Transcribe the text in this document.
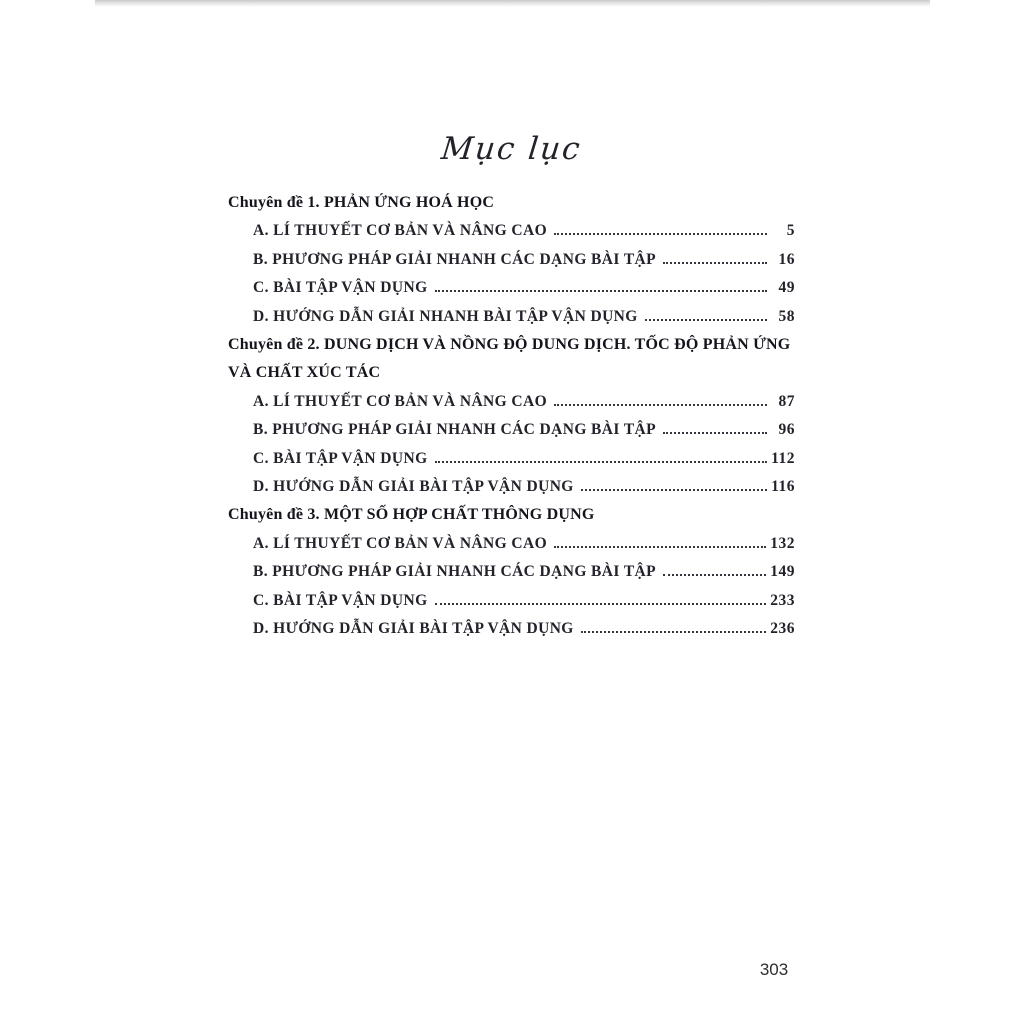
Mục lục
Chuyên đề 1. PHẢN ỨNG HOÁ HỌC
A. LÍ THUYẾT CƠ BẢN VÀ NÂNG CAO	5
B. PHƯƠNG PHÁP GIẢI NHANH CÁC DẠNG BÀI TẬP	16
C. BÀI TẬP VẬN DỤNG	49
D. HƯỚNG DẪN GIẢI NHANH BÀI TẬP VẬN DỤNG	58
Chuyên đề 2. DUNG DỊCH VÀ NỒNG ĐỘ DUNG DỊCH. TỐC ĐỘ PHẢN ỨNG VÀ CHẤT XÚC TÁC
A. LÍ THUYẾT CƠ BẢN VÀ NÂNG CAO	87
B. PHƯƠNG PHÁP GIẢI NHANH CÁC DẠNG BÀI TẬP	96
C. BÀI TẬP VẬN DỤNG	112
D. HƯỚNG DẪN GIẢI BÀI TẬP VẬN DỤNG	116
Chuyên đề 3. MỘT SỐ HỢP CHẤT THÔNG DỤNG
A. LÍ THUYẾT CƠ BẢN VÀ NÂNG CAO	132
B. PHƯƠNG PHÁP GIẢI NHANH CÁC DẠNG BÀI TẬP	149
C. BÀI TẬP VẬN DỤNG	233
D. HƯỚNG DẪN GIẢI BÀI TẬP VẬN DỤNG	236
303
